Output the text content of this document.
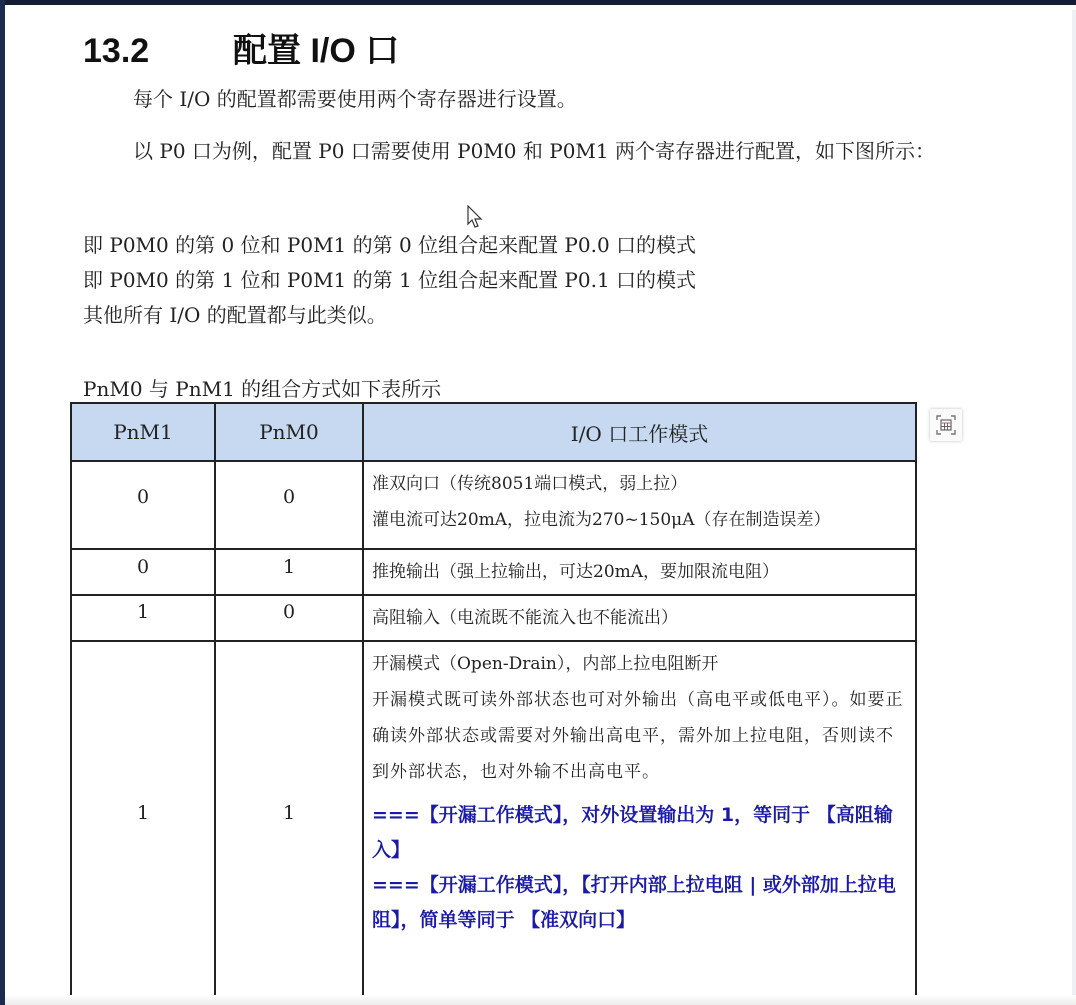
13.2 配置 I/O 口
每个 I/O 的配置都需要使用两个寄存器进行设置。
以 P0 口为例，配置 P0 口需要使用 P0M0 和 P0M1 两个寄存器进行配置，如下图所示：
即 P0M0 的第 0 位和 P0M1 的第 0 位组合起来配置 P0.0 口的模式
即 P0M0 的第 1 位和 P0M1 的第 1 位组合起来配置 P0.1 口的模式
其他所有 I/O 的配置都与此类似。
PnM0 与 PnM1 的组合方式如下表所示
PnM1	PnM0	I/O 口工作模式
0	0	准双向口（传统8051端口模式，弱上拉）
灌电流可达20mA，拉电流为270~150μA（存在制造误差）

0	1	推挽输出（强上拉输出，可达20mA，要加限流电阻）

1	0	高阻输入（电流既不能流入也不能流出）

1	1	开漏模式（Open-Drain），内部上拉电阻断开
开漏模式既可读外部状态也可对外输出（高电平或低电平）。如要正确读外部状态或需要对外输出高电平，需外加上拉电阻，否则读不到外部状态，也对外输不出高电平。
===【开漏工作模式】，对外设置输出为 1，等同于 【高阻输入】
===【开漏工作模式】，【打开内部上拉电阻 | 或外部加上拉电阻】，简单等同于 【准双向口】
